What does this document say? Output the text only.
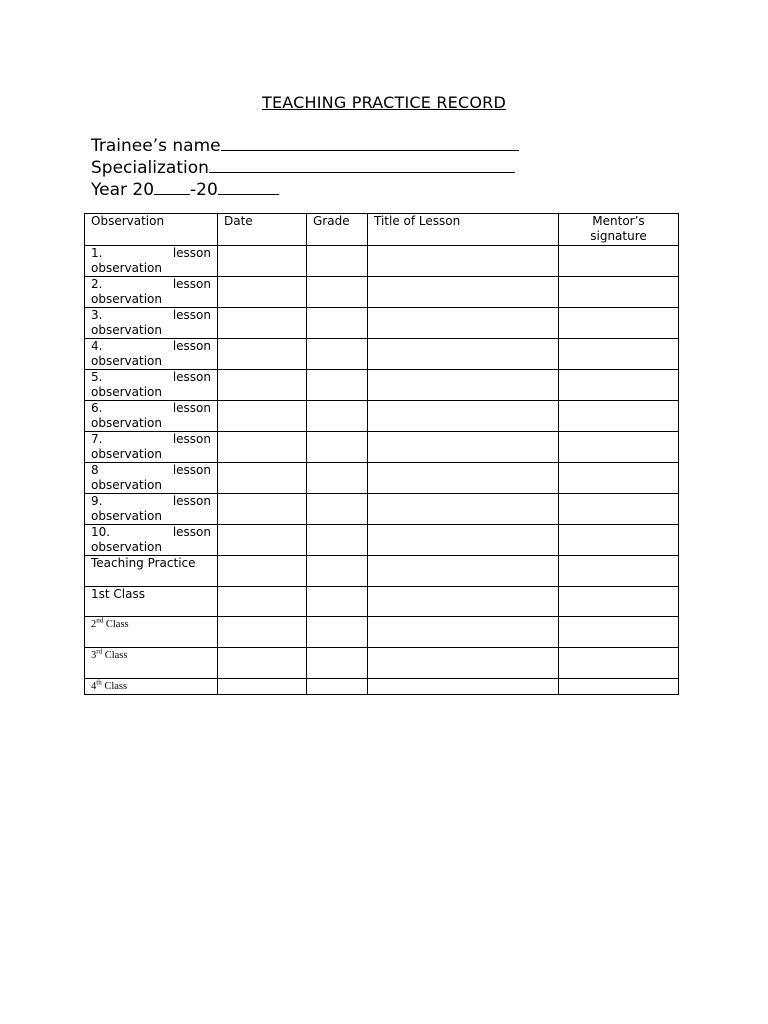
TEACHING PRACTICE RECORD
Trainee’s name
Specialization
Year 20 -20
Observation	Date	Grade	Title of Lesson	Mentor’s signature

1. lesson
observation				

2. lesson
observation				

3. lesson
observation				

4. lesson
observation				

5. lesson
observation				

6. lesson
observation				

7. lesson
observation				

8 lesson
observation				

9. lesson
observation				

10. lesson
observation				

Teaching Practice				
1st Class				
2nd Class				
3rd Class				
4th Class				
